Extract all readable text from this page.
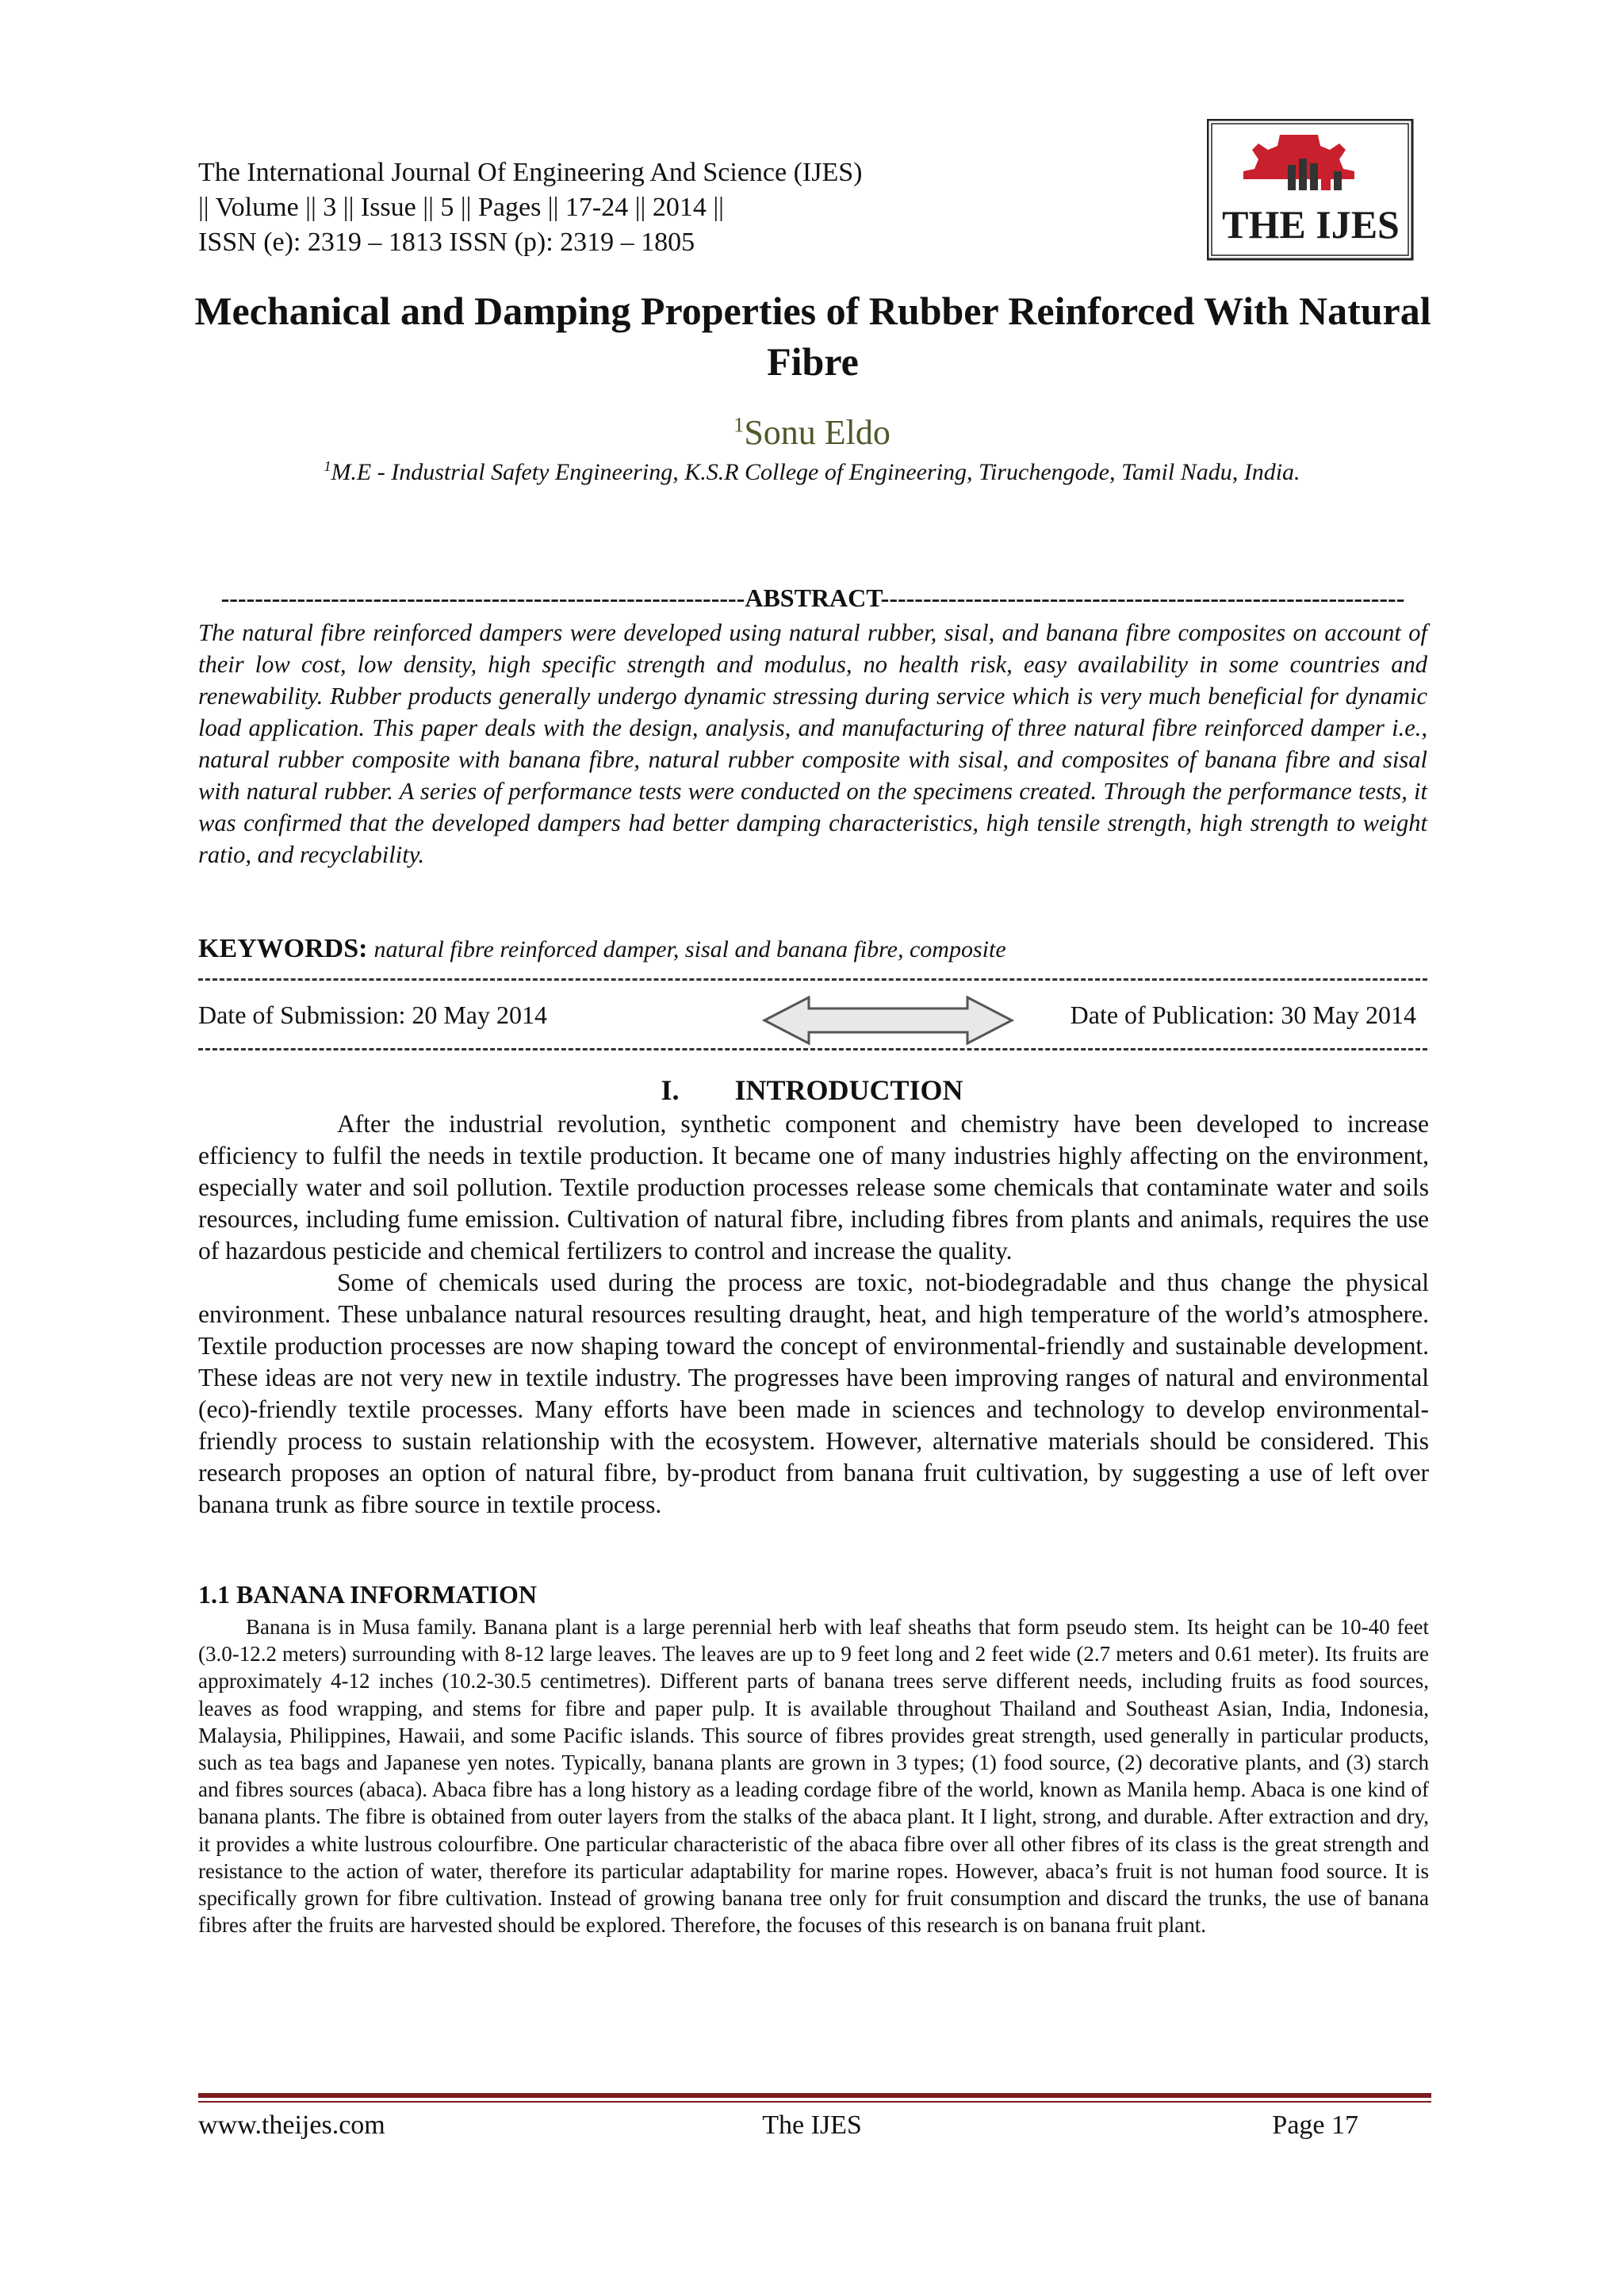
The International Journal Of Engineering And Science (IJES)
|| Volume || 3 || Issue || 5 || Pages || 17-24 || 2014 ||
ISSN (e): 2319 – 1813 ISSN (p): 2319 – 1805	THE IJES
Mechanical and Damping Properties of Rubber Reinforced With Natural Fibre
$^1$Sonu Eldo
$^1$M.E - Industrial Safety Engineering, K.S.R College of Engineering, Tiruchengode, Tamil Nadu, India.
--------------------------------------------------------------ABSTRACT--------------------------------------------------------------
The natural fibre reinforced dampers were developed using natural rubber, sisal, and banana fibre composites on account of their low cost, low density, high specific strength and modulus, no health risk, easy availability in some countries and renewability. Rubber products generally undergo dynamic stressing during service which is very much beneficial for dynamic load application. This paper deals with the design, analysis, and manufacturing of three natural fibre reinforced damper i.e., natural rubber composite with banana fibre, natural rubber composite with sisal, and composites of banana fibre and sisal with natural rubber. A series of performance tests were conducted on the specimens created. Through the performance tests, it was confirmed that the developed dampers had better damping characteristics, high tensile strength, high strength to weight ratio, and recyclability.
KEYWORDS: natural fibre reinforced damper, sisal and banana fibre, composite
Date of Submission: 20 May 2014	Date of Publication: 30 May 2014
I. INTRODUCTION

After the industrial revolution, synthetic component and chemistry have been developed to increase efficiency to fulfil the needs in textile production. It became one of many industries highly affecting on the environment, especially water and soil pollution. Textile production processes release some chemicals that contaminate water and soils resources, including fume emission. Cultivation of natural fibre, including fibres from plants and animals, requires the use of hazardous pesticide and chemical fertilizers to control and increase the quality.

Some of chemicals used during the process are toxic, not-biodegradable and thus change the physical environment. These unbalance natural resources resulting draught, heat, and high temperature of the world’s atmosphere. Textile production processes are now shaping toward the concept of environmental-friendly and sustainable development. These ideas are not very new in textile industry. The progresses have been improving ranges of natural and environmental (eco)-friendly textile processes. Many efforts have been made in sciences and technology to develop environmental-friendly process to sustain relationship with the ecosystem. However, alternative materials should be considered. This research proposes an option of natural fibre, by-product from banana fruit cultivation, by suggesting a use of left over banana trunk as fibre source in textile process.

1.1 BANANA INFORMATION

Banana is in Musa family. Banana plant is a large perennial herb with leaf sheaths that form pseudo stem. Its height can be 10-40 feet (3.0-12.2 meters) surrounding with 8-12 large leaves. The leaves are up to 9 feet long and 2 feet wide (2.7 meters and 0.61 meter). Its fruits are approximately 4-12 inches (10.2-30.5 centimetres). Different parts of banana trees serve different needs, including fruits as food sources, leaves as food wrapping, and stems for fibre and paper pulp. It is available throughout Thailand and Southeast Asian, India, Indonesia, Malaysia, Philippines, Hawaii, and some Pacific islands. This source of fibres provides great strength, used generally in particular products, such as tea bags and Japanese yen notes. Typically, banana plants are grown in 3 types; (1) food source, (2) decorative plants, and (3) starch and fibres sources (abaca). Abaca fibre has a long history as a leading cordage fibre of the world, known as Manila hemp. Abaca is one kind of banana plants. The fibre is obtained from outer layers from the stalks of the abaca plant. It I light, strong, and durable. After extraction and dry, it provides a white lustrous colourfibre. One particular characteristic of the abaca fibre over all other fibres of its class is the great strength and resistance to the action of water, therefore its particular adaptability for marine ropes. However, abaca’s fruit is not human food source. It is specifically grown for fibre cultivation. Instead of growing banana tree only for fruit consumption and discard the trunks, the use of banana fibres after the fruits are harvested should be explored. Therefore, the focuses of this research is on banana fruit plant.

www.theijes.com	The IJES	Page 17
